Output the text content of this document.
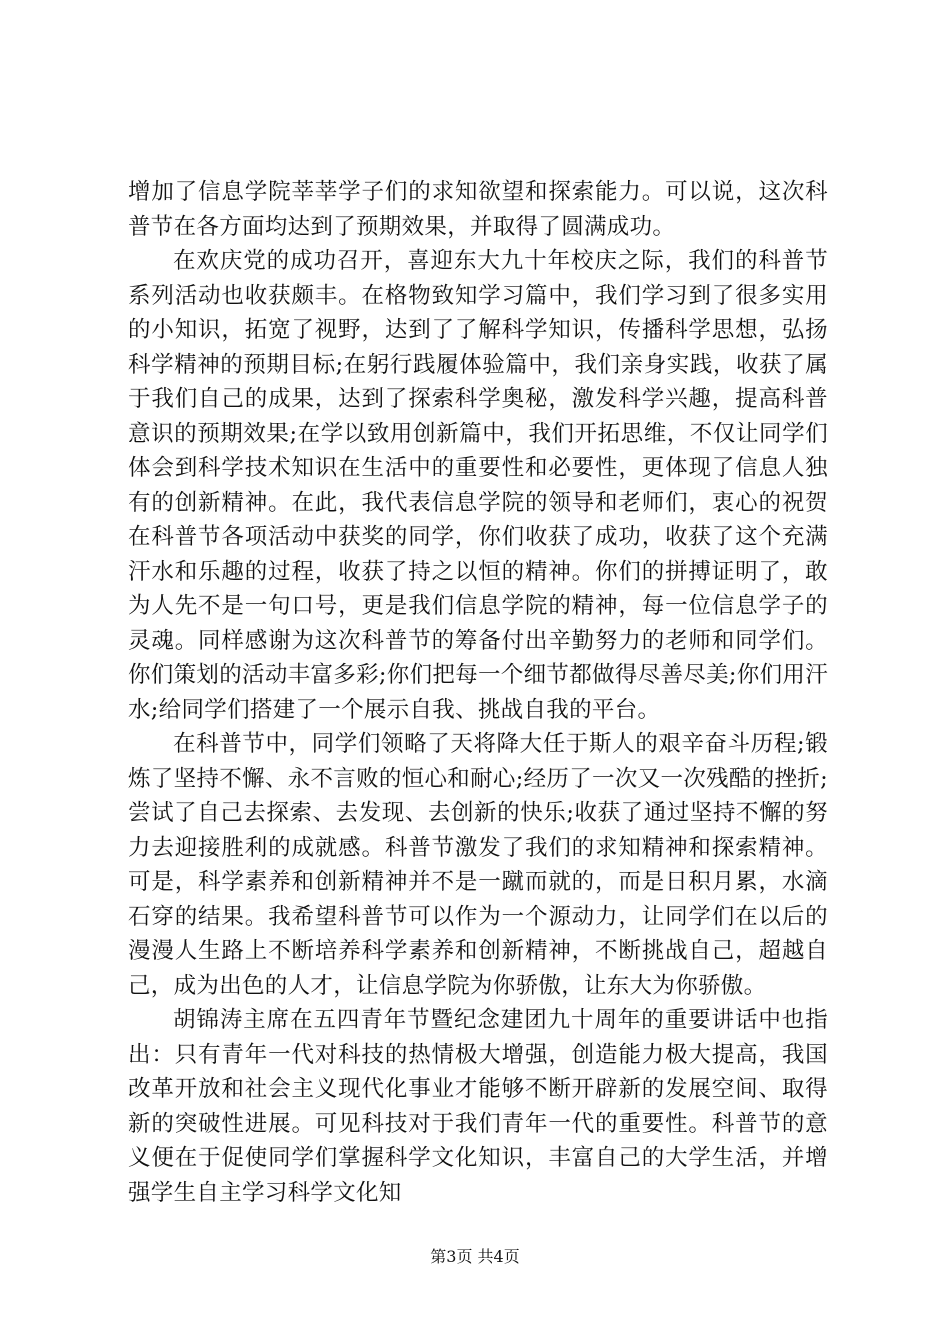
增加了信息学院莘莘学子们的求知欲望和探索能力。可以说，这次科普节在各方面均达到了预期效果，并取得了圆满成功。

在欢庆党的成功召开，喜迎东大九十年校庆之际，我们的科普节系列活动也收获颇丰。在格物致知学习篇中，我们学习到了很多实用的小知识，拓宽了视野，达到了了解科学知识，传播科学思想，弘扬科学精神的预期目标;在躬行践履体验篇中，我们亲身实践，收获了属于我们自己的成果，达到了探索科学奥秘，激发科学兴趣，提高科普意识的预期效果;在学以致用创新篇中，我们开拓思维，不仅让同学们体会到科学技术知识在生活中的重要性和必要性，更体现了信息人独有的创新精神。在此，我代表信息学院的领导和老师们，衷心的祝贺在科普节各项活动中获奖的同学，你们收获了成功，收获了这个充满汗水和乐趣的过程，收获了持之以恒的精神。你们的拼搏证明了，敢为人先不是一句口号，更是我们信息学院的精神，每一位信息学子的灵魂。同样感谢为这次科普节的筹备付出辛勤努力的老师和同学们。你们策划的活动丰富多彩;你们把每一个细节都做得尽善尽美;你们用汗水;给同学们搭建了一个展示自我、挑战自我的平台。

在科普节中，同学们领略了天将降大任于斯人的艰辛奋斗历程;锻炼了坚持不懈、永不言败的恒心和耐心;经历了一次又一次残酷的挫折;尝试了自己去探索、去发现、去创新的快乐;收获了通过坚持不懈的努力去迎接胜利的成就感。科普节激发了我们的求知精神和探索精神。可是，科学素养和创新精神并不是一蹴而就的，而是日积月累，水滴石穿的结果。我希望科普节可以作为一个源动力，让同学们在以后的漫漫人生路上不断培养科学素养和创新精神，不断挑战自己，超越自己，成为出色的人才，让信息学院为你骄傲，让东大为你骄傲。

胡锦涛主席在五四青年节暨纪念建团九十周年的重要讲话中也指出：只有青年一代对科技的热情极大增强，创造能力极大提高，我国改革开放和社会主义现代化事业才能够不断开辟新的发展空间、取得新的突破性进展。可见科技对于我们青年一代的重要性。科普节的意义便在于促使同学们掌握科学文化知识，丰富自己的大学生活，并增强学生自主学习科学文化知

第3页 共4页
